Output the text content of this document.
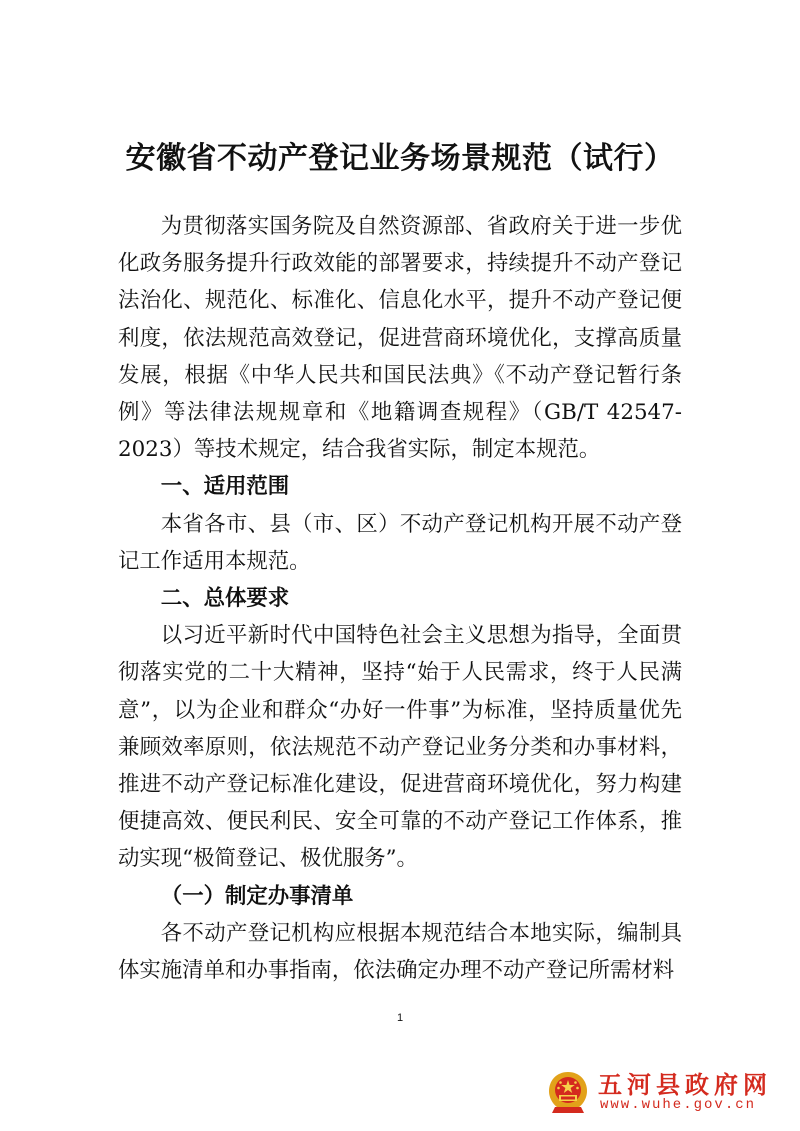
安徽省不动产登记业务场景规范（试行）

为贯彻落实国务院及自然资源部、省政府关于进一步优化政务服务提升行政效能的部署要求，持续提升不动产登记法治化、规范化、标准化、信息化水平，提升不动产登记便利度，依法规范高效登记，促进营商环境优化，支撑高质量发展，根据《中华人民共和国民法典》《不动产登记暂行条例》等法律法规规章和《地籍调查规程》（GB/T 42547-2023）等技术规定，结合我省实际，制定本规范。

一、适用范围

本省各市、县（市、区）不动产登记机构开展不动产登记工作适用本规范。

二、总体要求

以习近平新时代中国特色社会主义思想为指导，全面贯彻落实党的二十大精神，坚持“始于人民需求，终于人民满意”，以为企业和群众“办好一件事”为标准，坚持质量优先兼顾效率原则，依法规范不动产登记业务分类和办事材料，推进不动产登记标准化建设，促进营商环境优化，努力构建便捷高效、便民利民、安全可靠的不动产登记工作体系，推动实现“极简登记、极优服务”。

（一）制定办事清单

各不动产登记机构应根据本规范结合本地实际，编制具体实施清单和办事指南，依法确定办理不动产登记所需材料

1
五河县政府网
www.wuhe.gov.cn
